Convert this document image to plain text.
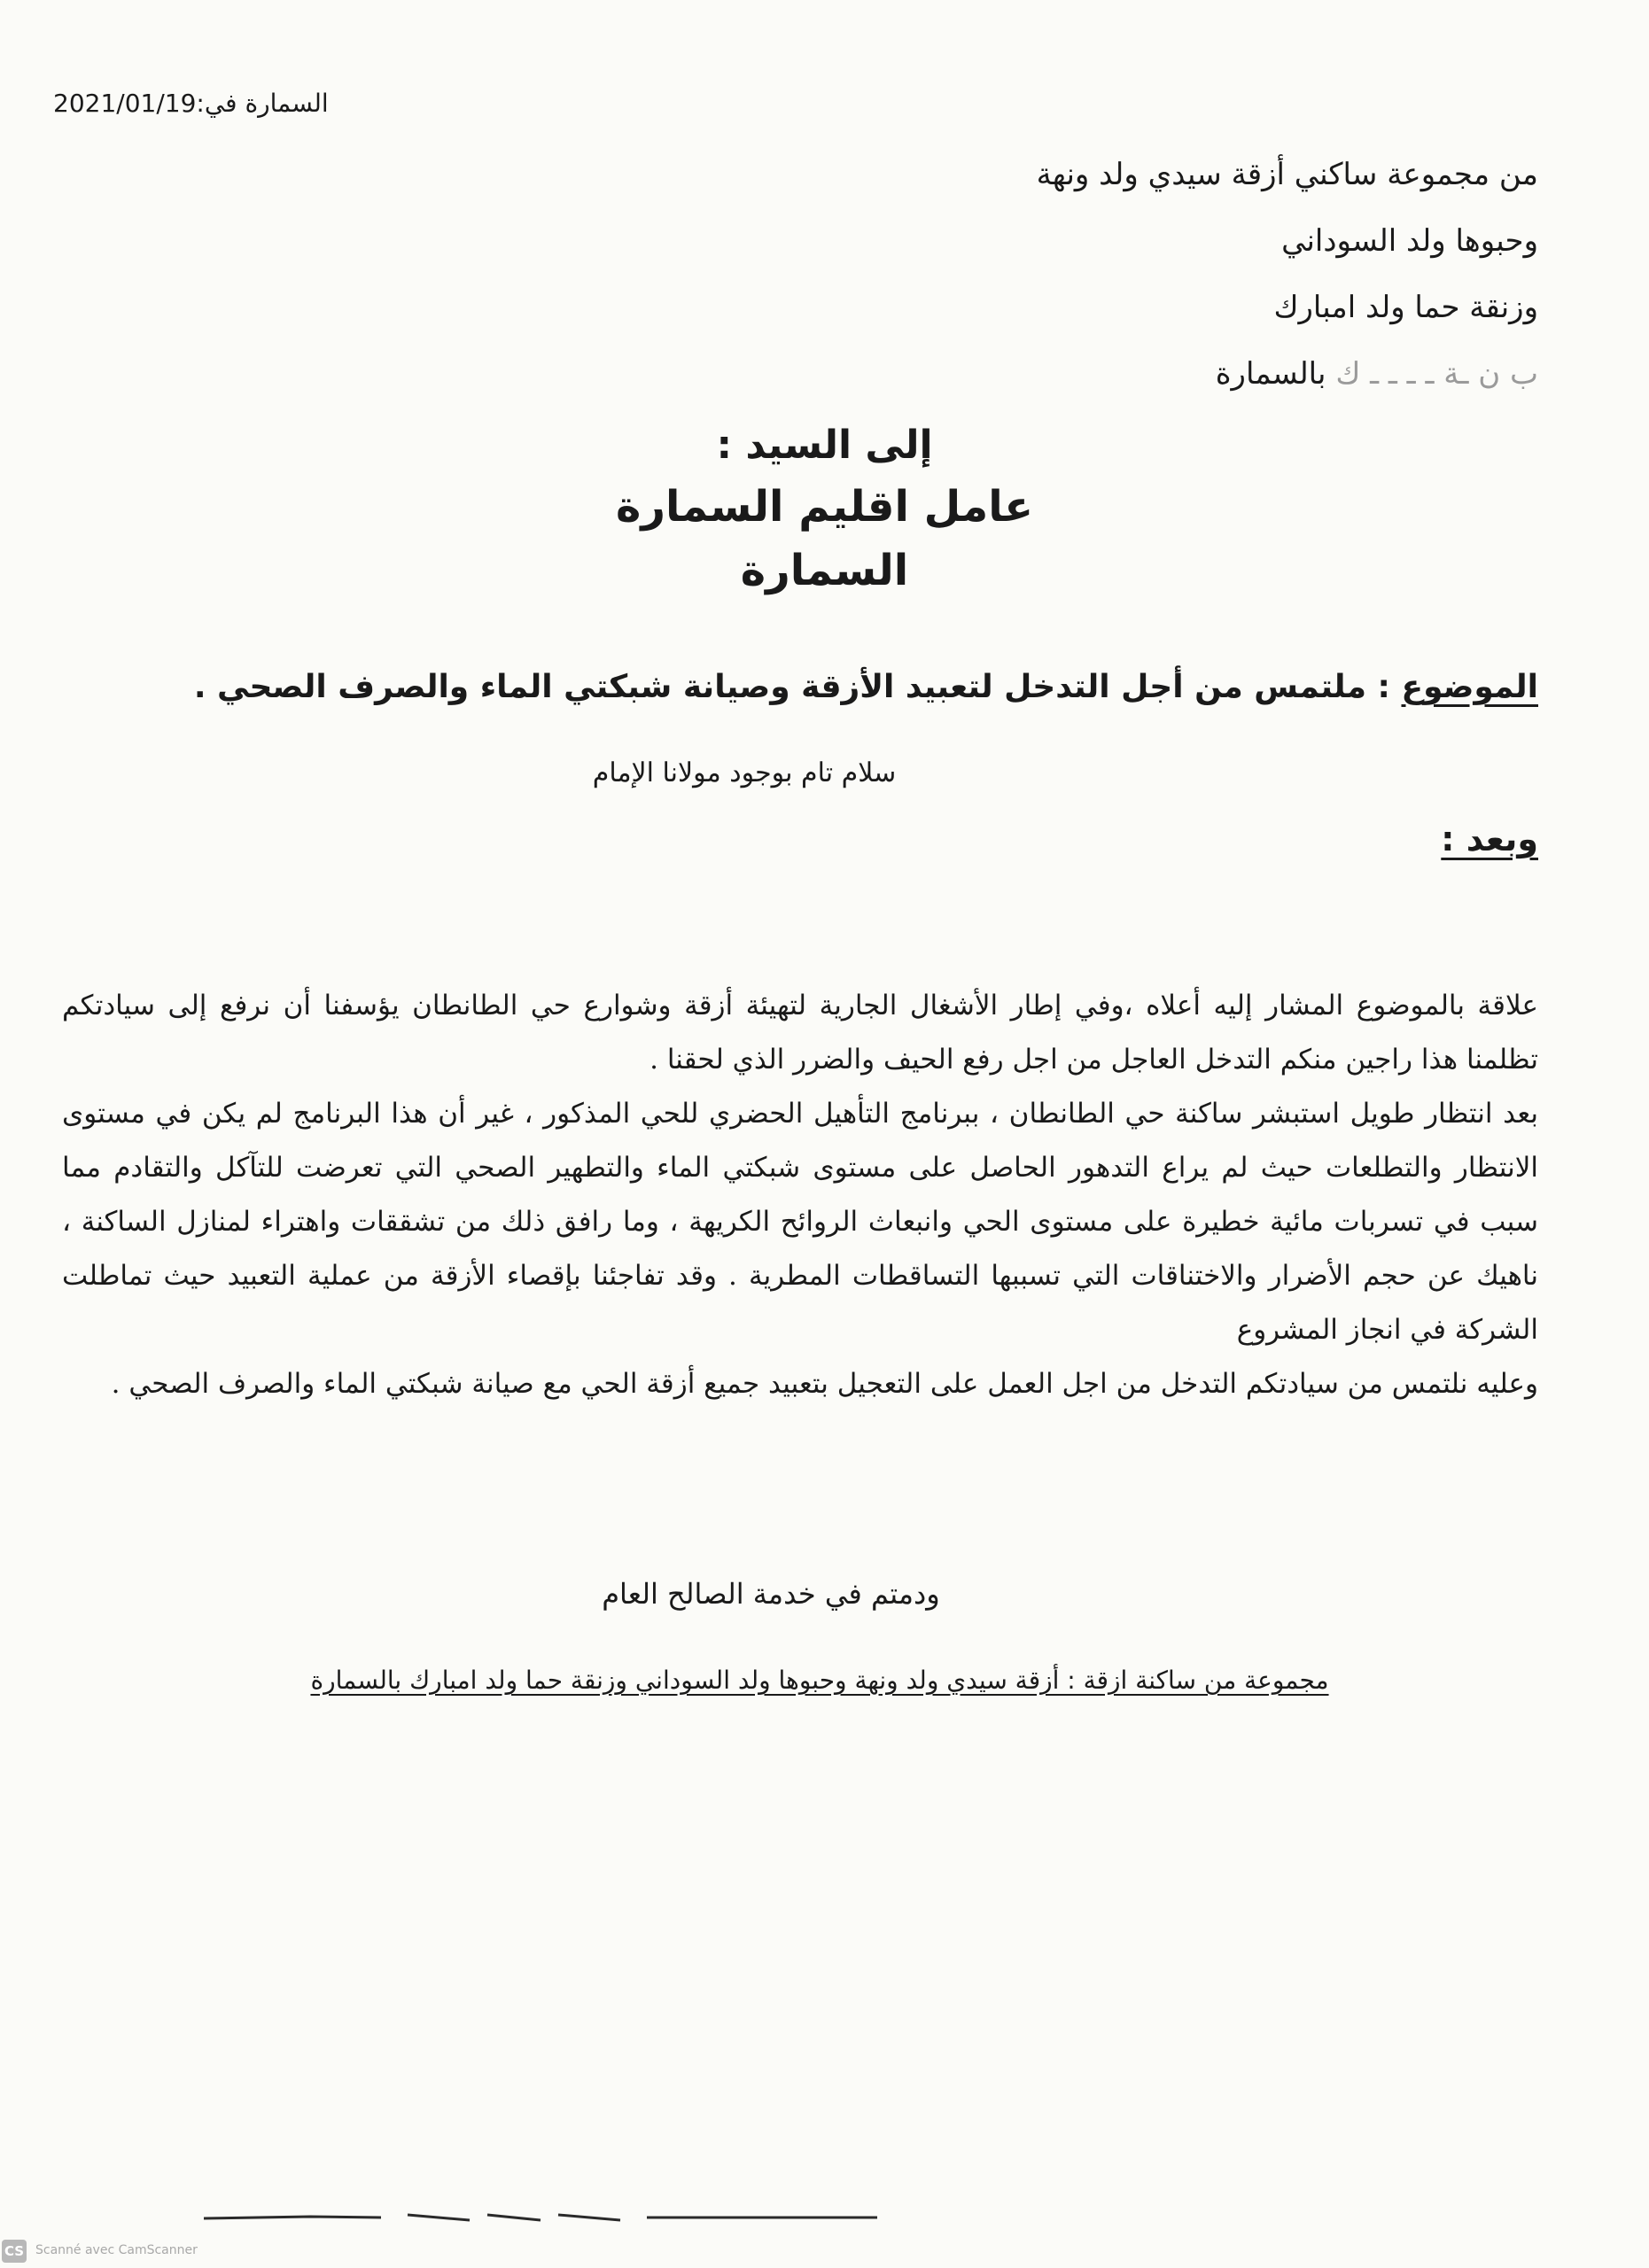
السمارة في:2021/01/19
من مجموعة ساكني أزقة سيدي ولد ونهة
وحبوها ولد السوداني
وزنقة حما ولد امبارك
ب ن ـة ـ ـ ـ ـ ك بالسمارة
إلى السيد :
عامل اقليم السمارة
السمارة
الموضوع : ملتمس من أجل التدخل لتعبيد الأزقة وصيانة شبكتي الماء والصرف الصحي .
سلام تام بوجود مولانا الإمام
وبعد :

علاقة بالموضوع المشار إليه أعلاه ،وفي إطار الأشغال الجارية لتهيئة أزقة وشوارع حي الطانطان يؤسفنا أن نرفع إلى سيادتكم تظلمنا هذا راجين منكم التدخل العاجل من اجل رفع الحيف والضرر الذي لحقنا .

بعد انتظار طويل استبشر ساكنة حي الطانطان ، ببرنامج التأهيل الحضري للحي المذكور ، غير أن هذا البرنامج لم يكن في مستوى الانتظار والتطلعات حيث لم يراع التدهور الحاصل على مستوى شبكتي الماء والتطهير الصحي التي تعرضت للتآكل والتقادم مما سبب في تسربات مائية خطيرة على مستوى الحي وانبعاث الروائح الكريهة ، وما رافق ذلك من تشققات واهتراء لمنازل الساكنة ، ناهيك عن حجم الأضرار والاختناقات التي تسببها التساقطات المطرية . وقد تفاجئنا بإقصاء الأزقة من عملية التعبيد حيث تماطلت الشركة في انجاز المشروع

وعليه نلتمس من سيادتكم التدخل من اجل العمل على التعجيل بتعبيد جميع أزقة الحي مع صيانة شبكتي الماء والصرف الصحي .

ودمتم في خدمة الصالح العام
مجموعة من ساكنة ازقة : أزقة سيدي ولد ونهة وحبوها ولد السوداني وزنقة حما ولد امبارك بالسمارة
CS Scanné avec CamScanner
